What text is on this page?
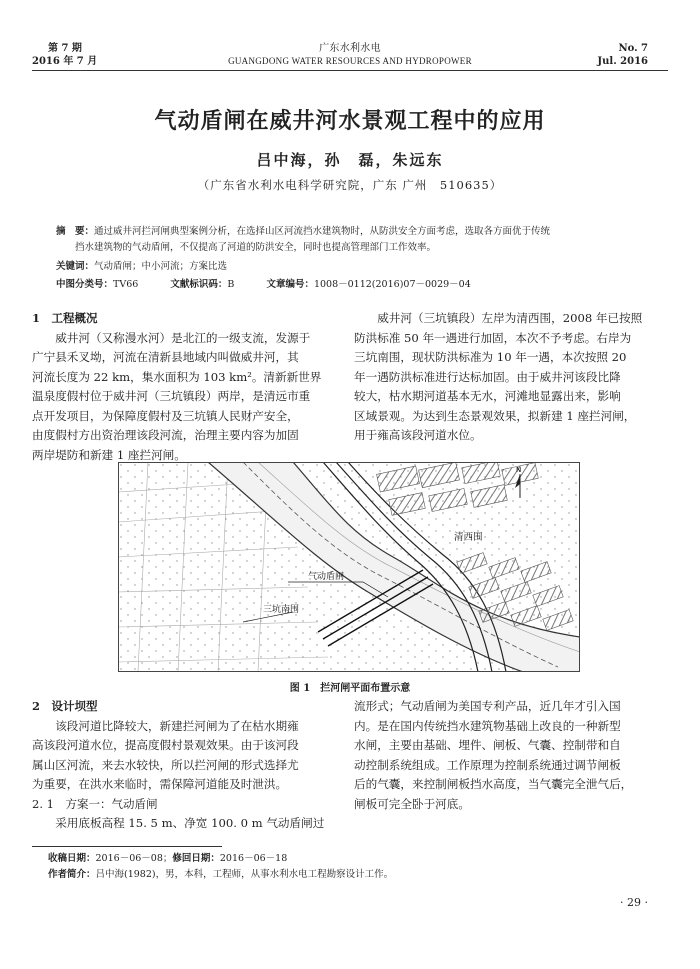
第 7 期
2016 年 7 月
广东水利水电
GUANGDONG WATER RESOURCES AND HYDROPOWER
No. 7
Jul. 2016
气动盾闸在威井河水景观工程中的应用
吕中海，孙　磊，朱远东
（广东省水利水电科学研究院，广东 广州　510635）
摘　要：通过威井河拦河闸典型案例分析，在选择山区河流挡水建筑物时，从防洪安全方面考虑，选取各方面优于传统
挡水建筑物的气动盾闸，不仅提高了河道的防洪安全，同时也提高管理部门工作效率。
关键词：气动盾闸；中小河流；方案比选
中图分类号：TV66	文献标识码：B	文章编号：1008－0112(2016)07－0029－04
1　工程概况
威井河（又称漫水河）是北江的一级支流，发源于
广宁县禾叉坳，河流在清新县地域内叫做威井河，其
河流长度为 22 km，集水面积为 103 km²。清新新世界
温泉度假村位于威井河（三坑镇段）两岸，是清远市重
点开发项目，为保障度假村及三坑镇人民财产安全，
由度假村方出资治理该段河流，治理主要内容为加固
两岸堤防和新建 1 座拦河闸。
威井河（三坑镇段）左岸为清西围，2008 年已按照
防洪标准 50 年一遇进行加固，本次不予考虑。右岸为
三坑南围，现状防洪标准为 10 年一遇，本次按照 20
年一遇防洪标准进行达标加固。由于威井河该段比降
较大，枯水期河道基本无水，河滩地显露出来，影响
区域景观。为达到生态景观效果，拟新建 1 座拦河闸，
用于雍高该段河道水位。
N
清西围
气动盾闸
三坑南围
图 1　拦河闸平面布置示意
2　设计坝型
该段河道比降较大，新建拦河闸为了在枯水期雍
高该段河道水位，提高度假村景观效果。由于该河段
属山区河流，来去水较快，所以拦河闸的形式选择尤
为重要，在洪水来临时，需保障河道能及时泄洪。
2. 1　方案一：气动盾闸
采用底板高程 15. 5 m、净宽 100. 0 m 气动盾闸过
流形式；气动盾闸为美国专利产品，近几年才引入国
内。是在国内传统挡水建筑物基础上改良的一种新型
水闸，主要由基础、埋件、闸板、气囊、控制带和自
动控制系统组成。工作原理为控制系统通过调节闸板
后的气囊，来控制闸板挡水高度，当气囊完全泄气后，
闸板可完全卧于河底。
收稿日期：2016－06－08；修回日期：2016－06－18
作者简介：吕中海(1982)，男，本科，工程师，从事水利水电工程勘察设计工作。
· 29 ·
